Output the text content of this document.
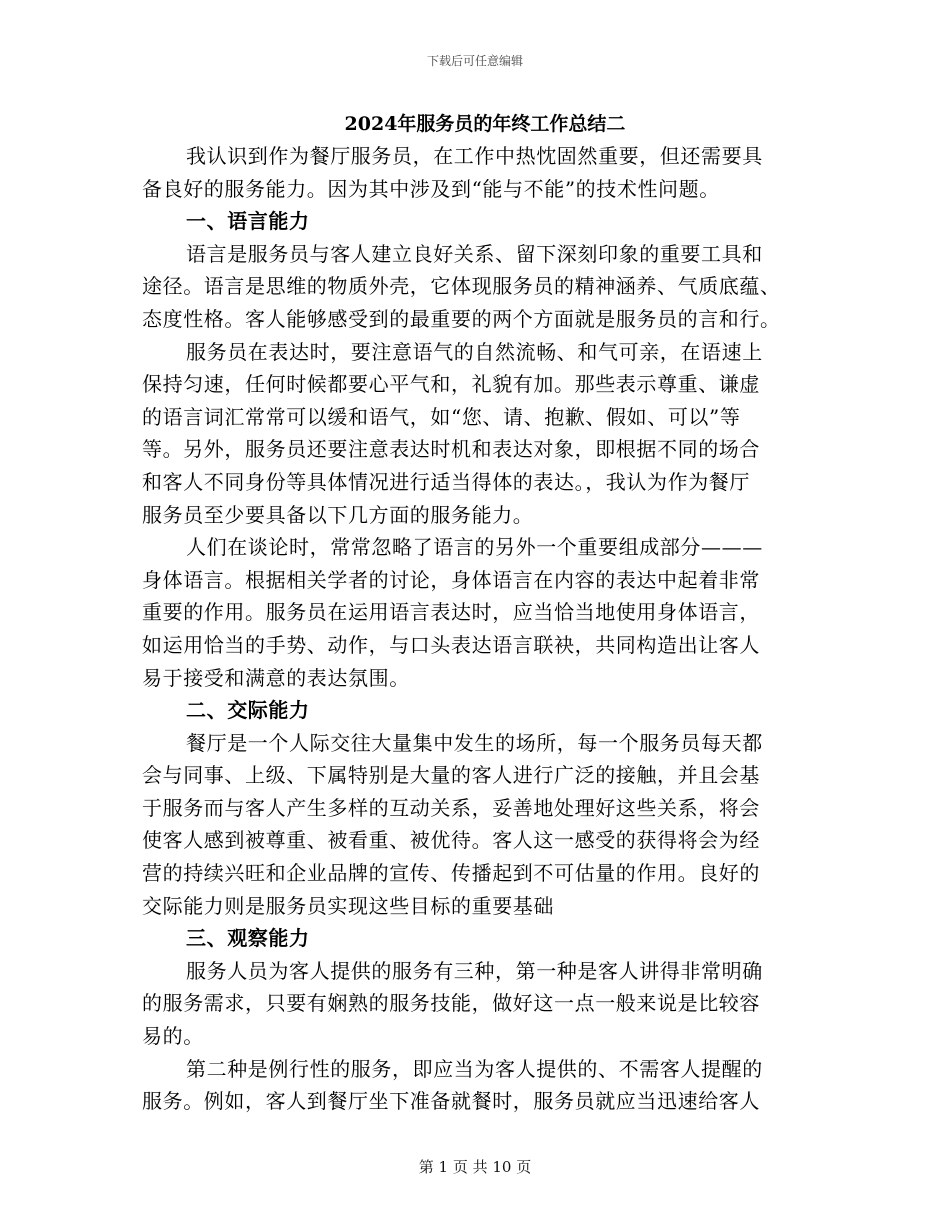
下载后可任意编辑
2024年服务员的年终工作总结二
我认识到作为餐厅服务员，在工作中热忱固然重要，但还需要具
备良好的服务能力。因为其中涉及到“能与不能”的技术性问题。
一、语言能力
语言是服务员与客人建立良好关系、留下深刻印象的重要工具和
途径。语言是思维的物质外壳，它体现服务员的精神涵养、气质底蕴、
态度性格。客人能够感受到的最重要的两个方面就是服务员的言和行。
服务员在表达时，要注意语气的自然流畅、和气可亲，在语速上
保持匀速，任何时候都要心平气和，礼貌有加。那些表示尊重、谦虚
的语言词汇常常可以缓和语气，如“您、请、抱歉、假如、可以”等
等。另外，服务员还要注意表达时机和表达对象，即根据不同的场合
和客人不同身份等具体情况进行适当得体的表达。，我认为作为餐厅
服务员至少要具备以下几方面的服务能力。
人们在谈论时，常常忽略了语言的另外一个重要组成部分———
身体语言。根据相关学者的讨论，身体语言在内容的表达中起着非常
重要的作用。服务员在运用语言表达时，应当恰当地使用身体语言，
如运用恰当的手势、动作，与口头表达语言联袂，共同构造出让客人
易于接受和满意的表达氛围。
二、交际能力
餐厅是一个人际交往大量集中发生的场所，每一个服务员每天都
会与同事、上级、下属特别是大量的客人进行广泛的接触，并且会基
于服务而与客人产生多样的互动关系，妥善地处理好这些关系，将会
使客人感到被尊重、被看重、被优待。客人这一感受的获得将会为经
营的持续兴旺和企业品牌的宣传、传播起到不可估量的作用。良好的
交际能力则是服务员实现这些目标的重要基础
三、观察能力
服务人员为客人提供的服务有三种，第一种是客人讲得非常明确
的服务需求，只要有娴熟的服务技能，做好这一点一般来说是比较容
易的。
第二种是例行性的服务，即应当为客人提供的、不需客人提醒的
服务。例如，客人到餐厅坐下准备就餐时，服务员就应当迅速给客人
第 1 页 共 10 页
